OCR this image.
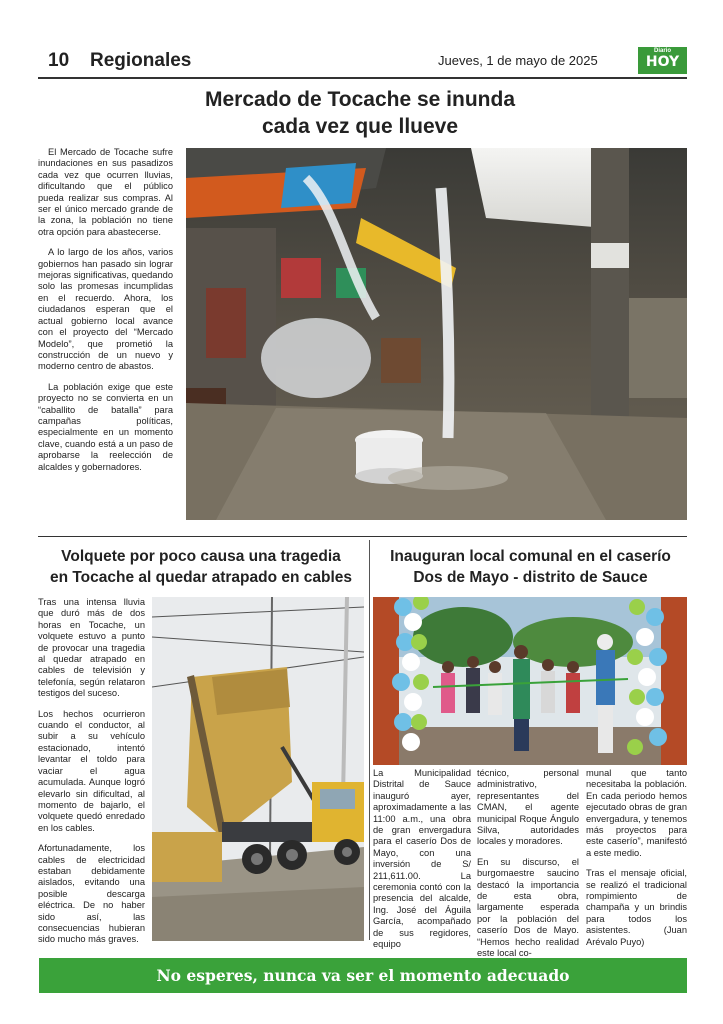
10 Regionales	Jueves, 1 de mayo de 2025
Diario
HOY
Mercado de Tocache se inunda
cada vez que llueve

El Mercado de Tocache sufre inundaciones en sus pasadizos cada vez que ocurren lluvias, dificultando que el público pueda realizar sus compras. Al ser el único mercado grande de la zona, la población no tiene otra opción para abastecerse.

A lo largo de los años, varios gobiernos han pasado sin lograr mejoras significativas, quedando solo las promesas incumplidas en el recuerdo. Ahora, los ciudadanos esperan que el actual gobierno local avance con el proyecto del “Mercado Modelo”, que prometió la construcción de un nuevo y moderno centro de abastos.

La población exige que este proyecto no se convierta en un “caballito de batalla” para campañas políticas, especialmente en un momento clave, cuando está a un paso de aprobarse la reelección de alcaldes y gobernadores.

Volquete por poco causa una tragedia
en Tocache al quedar atrapado en cables

Tras una intensa lluvia que duró más de dos horas en Tocache, un volquete estuvo a punto de provocar una tragedia al quedar atrapado en cables de televisión y telefonía, según relataron testigos del suceso.

Los hechos ocurrieron cuando el conductor, al subir a su vehículo estacionado, intentó levantar el toldo para vaciar el agua acumulada. Aunque logró elevarlo sin dificultad, al momento de bajarlo, el volquete quedó enredado en los cables.

Afortunadamente, los cables de electricidad estaban debidamente aislados, evitando una posible descarga eléctrica. De no haber sido así, las consecuencias hubieran sido mucho más graves.

Inauguran local comunal en el caserío
Dos de Mayo - distrito de Sauce

La Municipalidad Distrital de Sauce inauguró ayer, aproximadamente a las 11:00 a.m., una obra de gran envergadura para el caserío Dos de Mayo, con una inversión de S/ 211,611.00. La ceremonia contó con la presencia del alcalde, Ing. José del Águila García, acompañado de sus regidores, equipo

técnico, personal administrativo, representantes del CMAN, el agente municipal Roque Ángulo Silva, autoridades locales y moradores.

En su discurso, el burgomaestre saucino destacó la importancia de esta obra, largamente esperada por la población del caserío Dos de Mayo. “Hemos hecho realidad este local co-

munal que tanto necesitaba la población. En cada periodo hemos ejecutado obras de gran envergadura, y tenemos más proyectos para este caserío”, manifestó a este medio.

Tras el mensaje oficial, se realizó el tradicional rompimiento de champaña y un brindis para todos los asistentes. (Juan Arévalo Puyo)

No esperes, nunca va ser el momento adecuado
